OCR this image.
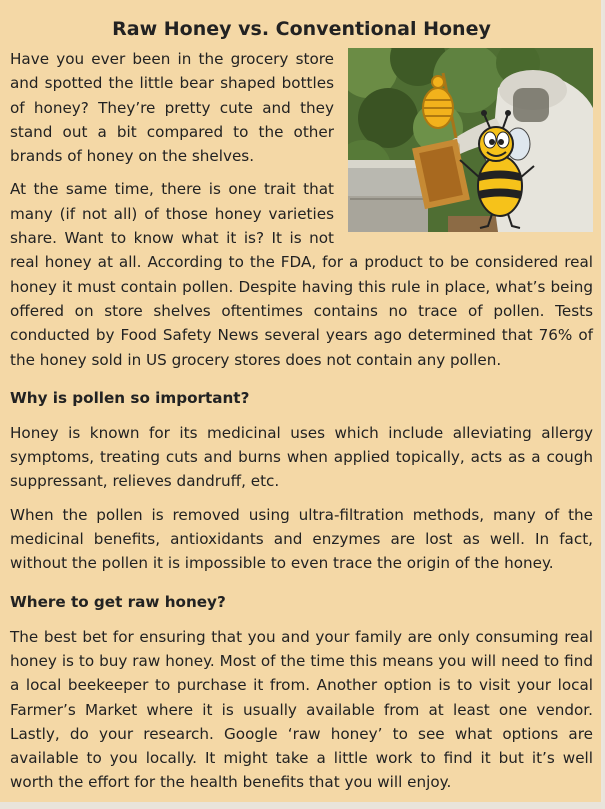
Raw Honey vs. Conventional Honey

Have you ever been in the grocery store and spotted the little bear shaped bottles of honey? They’re pretty cute and they stand out a bit compared to the other brands of honey on the shelves.

At the same time, there is one trait that many (if not all) of those honey varieties share. Want to know what it is? It is not real honey at all. According to the FDA, for a product to be considered real honey it must contain pollen. Despite having this rule in place, what’s being offered on store shelves oftentimes contains no trace of pollen. Tests conducted by Food Safety News several years ago determined that 76% of the honey sold in US grocery stores does not contain any pollen.

Why is pollen so important?

Honey is known for its medicinal uses which include alleviating allergy symptoms, treating cuts and burns when applied topically, acts as a cough suppressant, relieves dandruff, etc.

When the pollen is removed using ultra-filtration methods, many of the medicinal benefits, antioxidants and enzymes are lost as well. In fact, without the pollen it is impossible to even trace the origin of the honey.

Where to get raw honey?

The best bet for ensuring that you and your family are only consuming real honey is to buy raw honey. Most of the time this means you will need to find a local beekeeper to purchase it from. Another option is to visit your local Farmer’s Market where it is usually available from at least one vendor. Lastly, do your research. Google ‘raw honey’ to see what options are available to you locally. It might take a little work to find it but it’s well worth the effort for the health benefits that you will enjoy.
